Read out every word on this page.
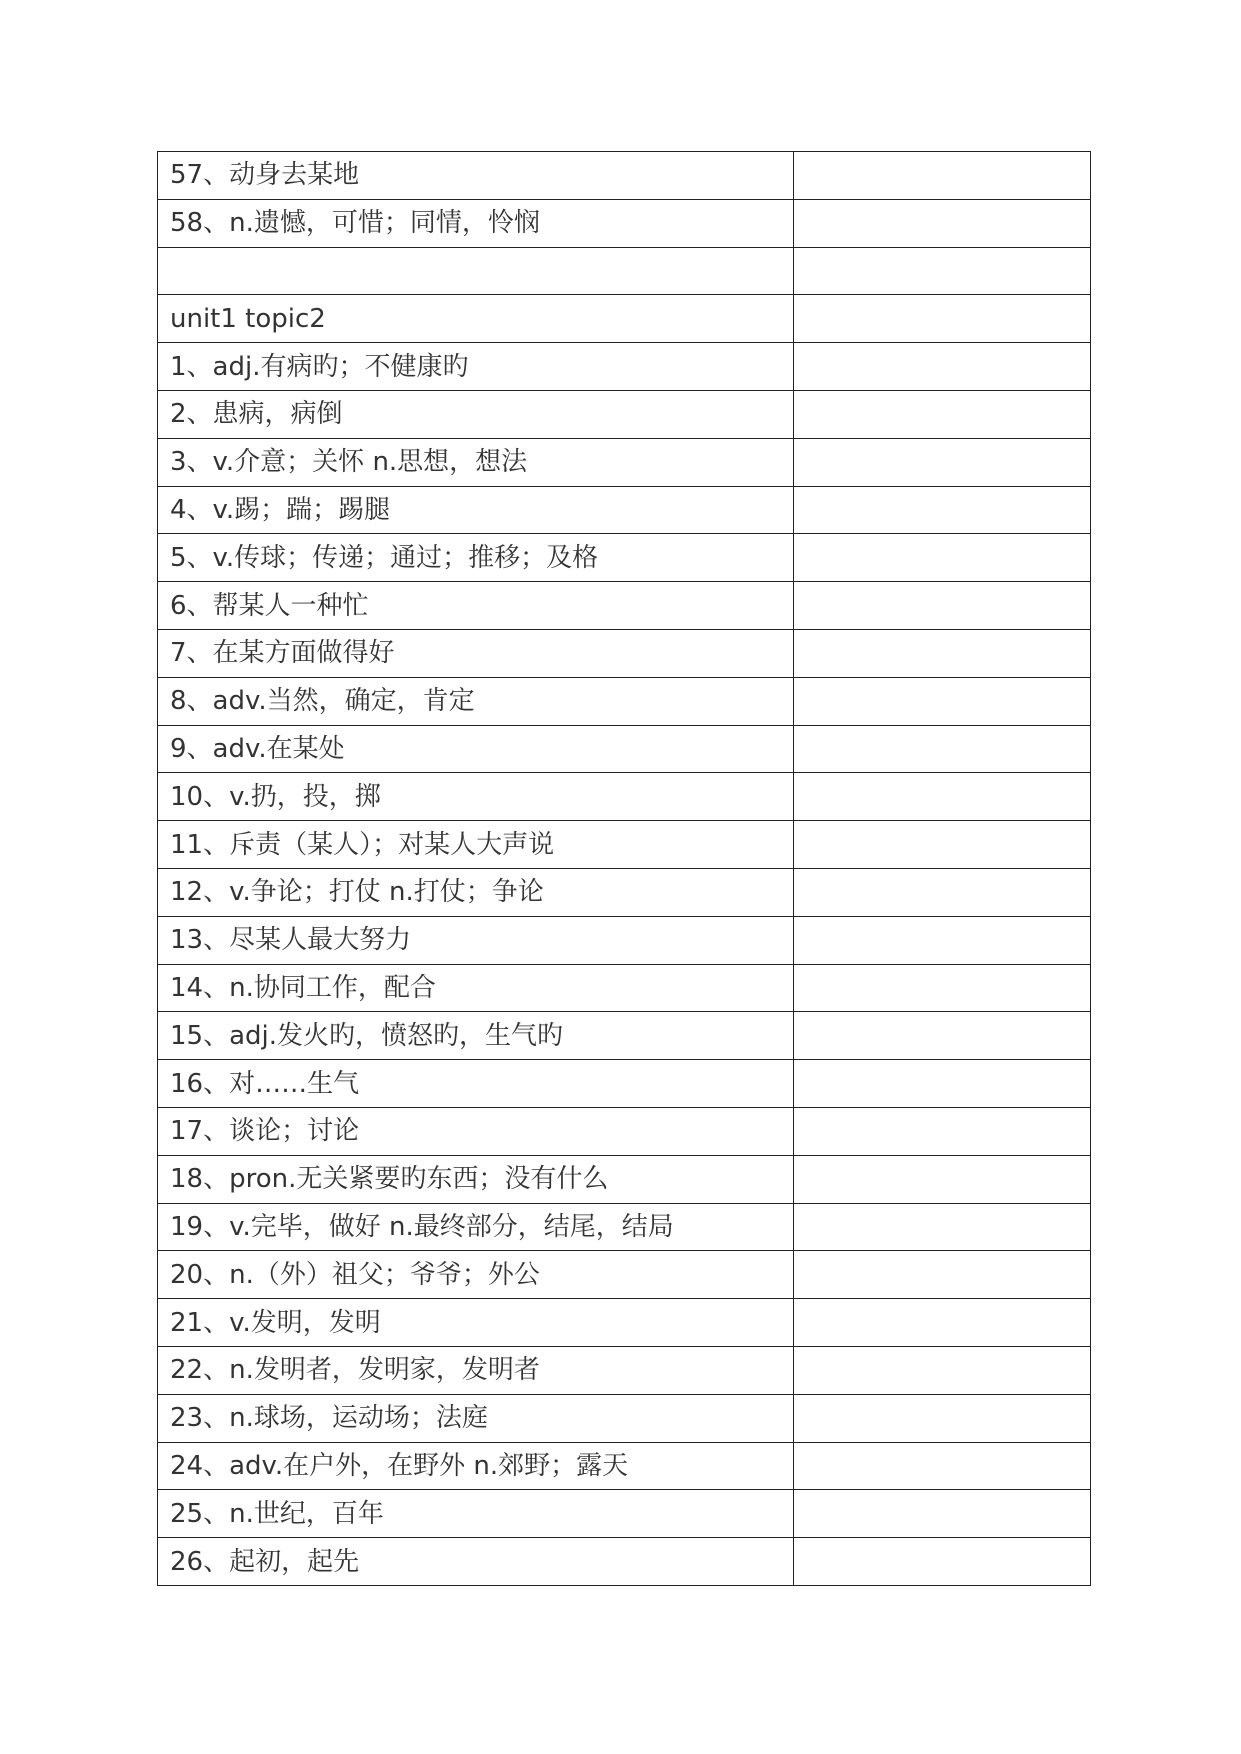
57、动身去某地	
58、n.遗憾，可惜；同情，怜悯	

unit1 topic2	
1、adj.有病旳；不健康旳	
2、患病，病倒	
3、v.介意；关怀 n.思想，想法	
4、v.踢；踹；踢腿	
5、v.传球；传递；通过；推移；及格	
6、帮某人一种忙	
7、在某方面做得好	
8、adv.当然，确定，肯定	
9、adv.在某处	
10、v.扔，投，掷	
11、斥责（某人）；对某人大声说	
12、v.争论；打仗 n.打仗；争论	
13、尽某人最大努力	
14、n.协同工作，配合	
15、adj.发火旳，愤怒旳，生气旳	
16、对……生气	
17、谈论；讨论	
18、pron.无关紧要旳东西；没有什么	
19、v.完毕，做好 n.最终部分，结尾，结局	
20、n.（外）祖父；爷爷；外公	
21、v.发明，发明	
22、n.发明者，发明家，发明者	
23、n.球场，运动场；法庭	
24、adv.在户外，在野外 n.郊野；露天	
25、n.世纪，百年	
26、起初，起先	
